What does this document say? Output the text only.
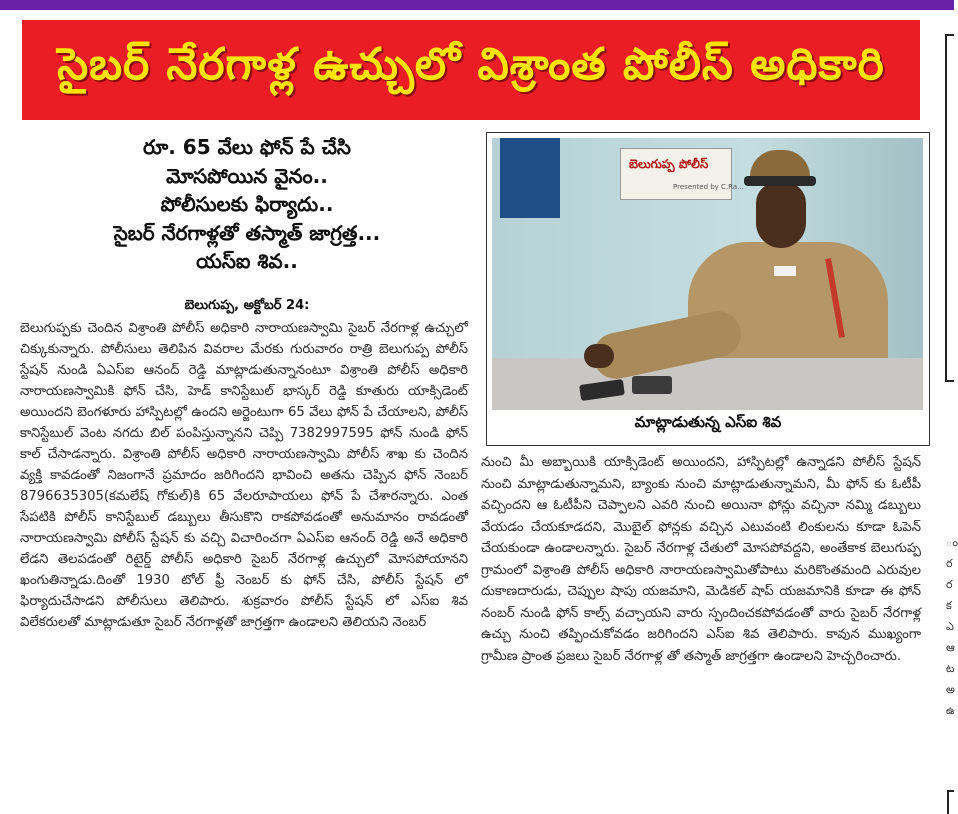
సైబర్ నేరగాళ్ల ఉచ్చులో విశ్రాంత పోలీస్ అధికారి
ం ర ర క ఎ ఆ ట అ ఉ
రూ. 65 వేలు ఫోన్ పే చేసి
మోసపోయిన వైనం..
పోలీసులకు ఫిర్యాదు..
సైబర్ నేరగాళ్లతో తస్మాత్ జాగ్రత్త...
యస్ఐ శివ..
బెలుగుప్ప, అక్టోబర్ 24:
బెలుగుప్పకు చెందిన విశ్రాంతి పోలీస్ అధికారి నారాయణస్వామి సైబర్ నేరగాళ్ల ఉచ్చులో చిక్కుకున్నారు. పోలీసులు తెలిపిన వివరాల మేరకు గురువారం రాత్రి బెలుగుప్ప పోలీస్ స్టేషన్ నుండి ఏఎస్ఐ ఆనంద్ రెడ్డి మాట్లాడుతున్నానంటూ విశ్రాంతి పోలీస్ అధికారి నారాయణస్వామికి ఫోన్ చేసి, హెడ్ కానిస్టేబుల్ భాస్కర్ రెడ్డి కూతురు యాక్సిడెంట్ అయిందని బెంగళూరు హాస్పిటల్లో ఉందని అర్జెంటుగా 65 వేలు ఫోన్ పే చేయాలని, పోలీస్ కానిస్టేబుల్ వెంట నగదు బిల్ పంపిస్తున్నానని చెప్పి 7382997595 ఫోన్ నుండి ఫోన్ కాల్ చేసాడన్నారు. విశ్రాంతి పోలీస్ అధికారి నారాయణస్వామి పోలీస్ శాఖ కు చెందిన వ్యక్తి కావడంతో నిజంగానే ప్రమాదం జరిగిందని భావించి అతను చెప్పిన ఫోన్ నెంబర్ 8796635305(కమలేష్ గోకుల్)కి 65 వేలరూపాయలు ఫోన్ పే చేశారన్నారు. ఎంత సేపటికి పోలీస్ కానిస్టేబుల్ డబ్బులు తీసుకొని రాకపోవడంతో అనుమానం రావడంతో నారాయణస్వామి పోలీస్ స్టేషన్ కు వచ్చి విచారించగా ఏఎస్ఐ ఆనంద్ రెడ్డి అనే అధికారి లేడని తెలపడంతో రిటైర్డ్ పోలీస్ అధికారి సైబర్ నేరగాళ్ల ఉచ్చులో మోసపోయానని ఖంగుతిన్నాడు.దింతో 1930 టోల్ ఫ్రీ నెంబర్ కు ఫోన్ చేసి, పోలీస్ స్టేషన్ లో ఫిర్యాదుచేసాడని పోలీసులు తెలిపారు. శుక్రవారం పోలీస్ స్టేషన్ లో ఎస్ఐ శివ విలేకరులతో మాట్లాడుతూ సైబర్ నేరగాళ్లతో జాగ్రత్తగా ఉండాలని తెలియని నెంబర్
బెలుగుప్ప పోలీస్
Presented by C.Ra...
మాట్లాడుతున్న ఎస్ఐ శివ
నుంచి మీ అబ్బాయికి యాక్సిడెంట్ అయిందని, హాస్పిటల్లో ఉన్నాడని పోలీస్ స్టేషన్ నుంచి మాట్లాడుతున్నామని, బ్యాంకు నుంచి మాట్లాడుతున్నామని, మీ ఫోన్ కు ఓటీపీ వచ్చిందని ఆ ఓటీపీని చెప్పాలని ఎవరి నుంచి అయినా ఫోన్లు వచ్చినా నమ్మి డబ్బులు వేయడం చేయకూడదని, మొబైల్ ఫోన్లకు వచ్చిన ఎటువంటి లింకులను కూడా ఓపెన్ చేయకుండా ఉండాలన్నారు. సైబర్ నేరగాళ్ల చేతులో మోసపోవద్దని, అంతేకాక బెలుగుప్ప గ్రామంలో విశ్రాంతి పోలీస్ అధికారి నారాయణస్వామితోపాటు మరికొంతమంది ఎరువుల దుకాణదారుడు, చెప్పుల షాపు యజమాని, మెడికల్ షాప్ యజమానికి కూడా ఈ ఫోన్ నంబర్ నుండి ఫోన్ కాల్స్ వచ్చాయని వారు స్పందించకపోవడంతో వారు సైబర్ నేరగాళ్ల ఉచ్చు నుంచి తప్పించుకోవడం జరిగిందని ఎస్ఐ శివ తెలిపారు. కావున ముఖ్యంగా గ్రామీణ ప్రాంత ప్రజలు సైబర్ నేరగాళ్ల తో తస్మాత్ జాగ్రత్తగా ఉండాలని హెచ్చరించారు.
